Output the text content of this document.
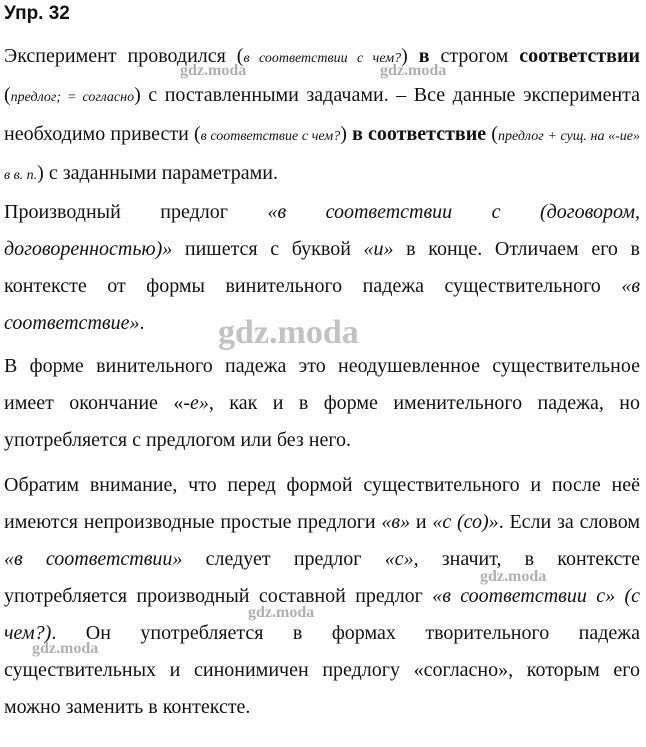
Упр. 32
Эксперимент проводился (в соответствии с чем?) в строгом соответствии (предлог; = согласно) с поставленными задачами. – Все данные эксперимента необходимо привести (в соответствие с чем?) в соответствие (предлог + сущ. на «-ие» в в. п.) с заданными параметрами.
Производный предлог «в соответствии с (договором, договоренностью)» пишется с буквой «и» в конце. Отличаем его в контексте от формы винительного падежа существительного «в соответствие».
В форме винительного падежа это неодушевленное существительное имеет окончание «-е», как и в форме именительного падежа, но употребляется с предлогом или без него.
Обратим внимание, что перед формой существительного и после неё имеются непроизводные простые предлоги «в» и «с (со)». Если за словом «в соответствии» следует предлог «с», значит, в контексте употребляется производный составной предлог «в соответствии с» (с чем?). Он употребляется в формах творительного падежа существительных и синонимичен предлогу «согласно», которым его можно заменить в контексте.
gdz.moda	gdz.moda
gdz.moda
gdz.moda
gdz.moda
gdz.moda
